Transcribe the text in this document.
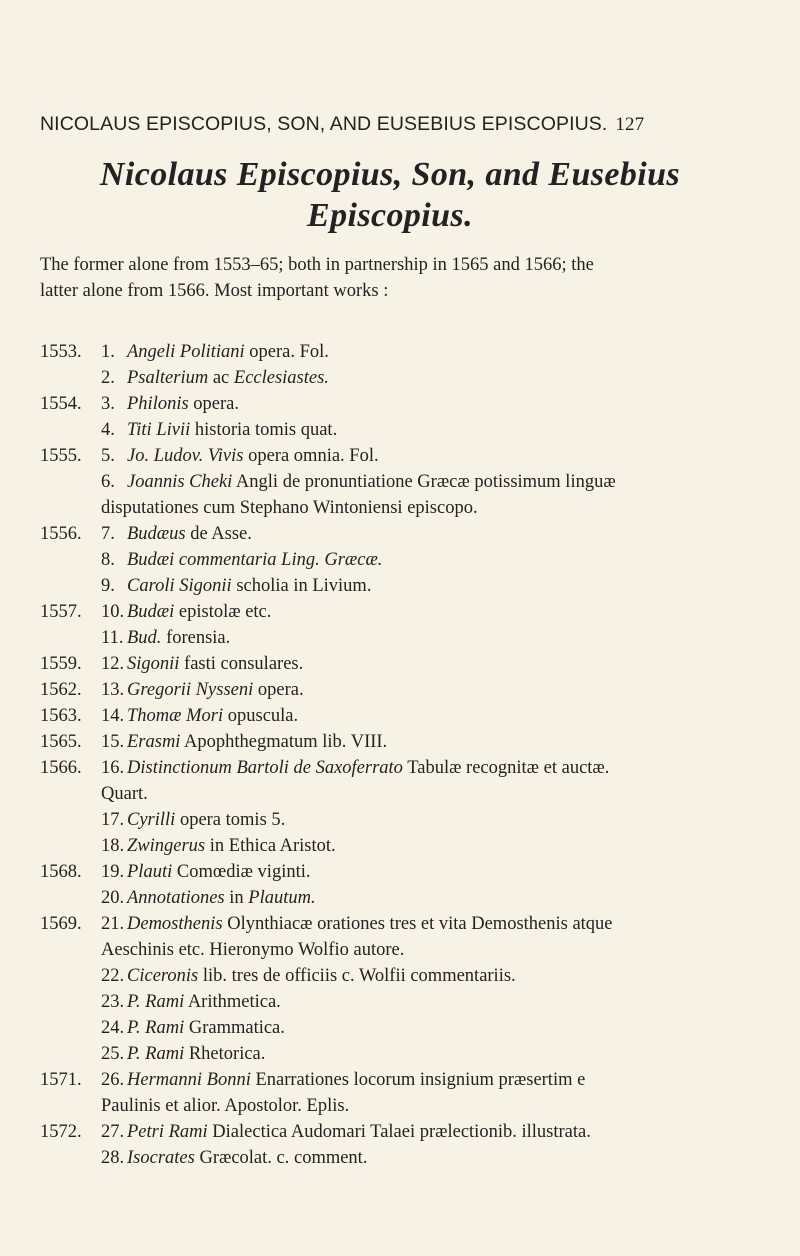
NICOLAUS EPISCOPIUS, SON, AND EUSEBIUS EPISCOPIUS. 127
Nicolaus Episcopius, Son, and Eusebius
Episcopius.
The former alone from 1553–65; both in partnership in 1565 and 1566; the
latter alone from 1566. Most important works :
1553. 1. Angeli Politiani opera. Fol.
2. Psalterium ac Ecclesiastes.
1554. 3. Philonis opera.
4. Titi Livii historia tomis quat.
1555. 5. Jo. Ludov. Vivis opera omnia. Fol.
6. Joannis Cheki Angli de pronuntiatione Græcæ potissimum linguæ
disputationes cum Stephano Wintoniensi episcopo.
1556. 7. Budæus de Asse.
8. Budæi commentaria Ling. Græcæ.
9. Caroli Sigonii scholia in Livium.
1557. 10. Budæi epistolæ etc.
11. Bud. forensia.
1559. 12. Sigonii fasti consulares.
1562. 13. Gregorii Nysseni opera.
1563. 14. Thomæ Mori opuscula.
1565. 15. Erasmi Apophthegmatum lib. VIII.
1566. 16. Distinctionum Bartoli de Saxoferrato Tabulæ recognitæ et auctæ.
Quart.
17. Cyrilli opera tomis 5.
18. Zwingerus in Ethica Aristot.
1568. 19. Plauti Comœdiæ viginti.
20. Annotationes in Plautum.
1569. 21. Demosthenis Olynthiacæ orationes tres et vita Demosthenis atque
Aeschinis etc. Hieronymo Wolfio autore.
22. Ciceronis lib. tres de officiis c. Wolfii commentariis.
23. P. Rami Arithmetica.
24. P. Rami Grammatica.
25. P. Rami Rhetorica.
1571. 26. Hermanni Bonni Enarrationes locorum insignium præsertim e
Paulinis et alior. Apostolor. Eplis.
1572. 27. Petri Rami Dialectica Audomari Talaei prælectionib. illustrata.
28. Isocrates Græcolat. c. comment.
